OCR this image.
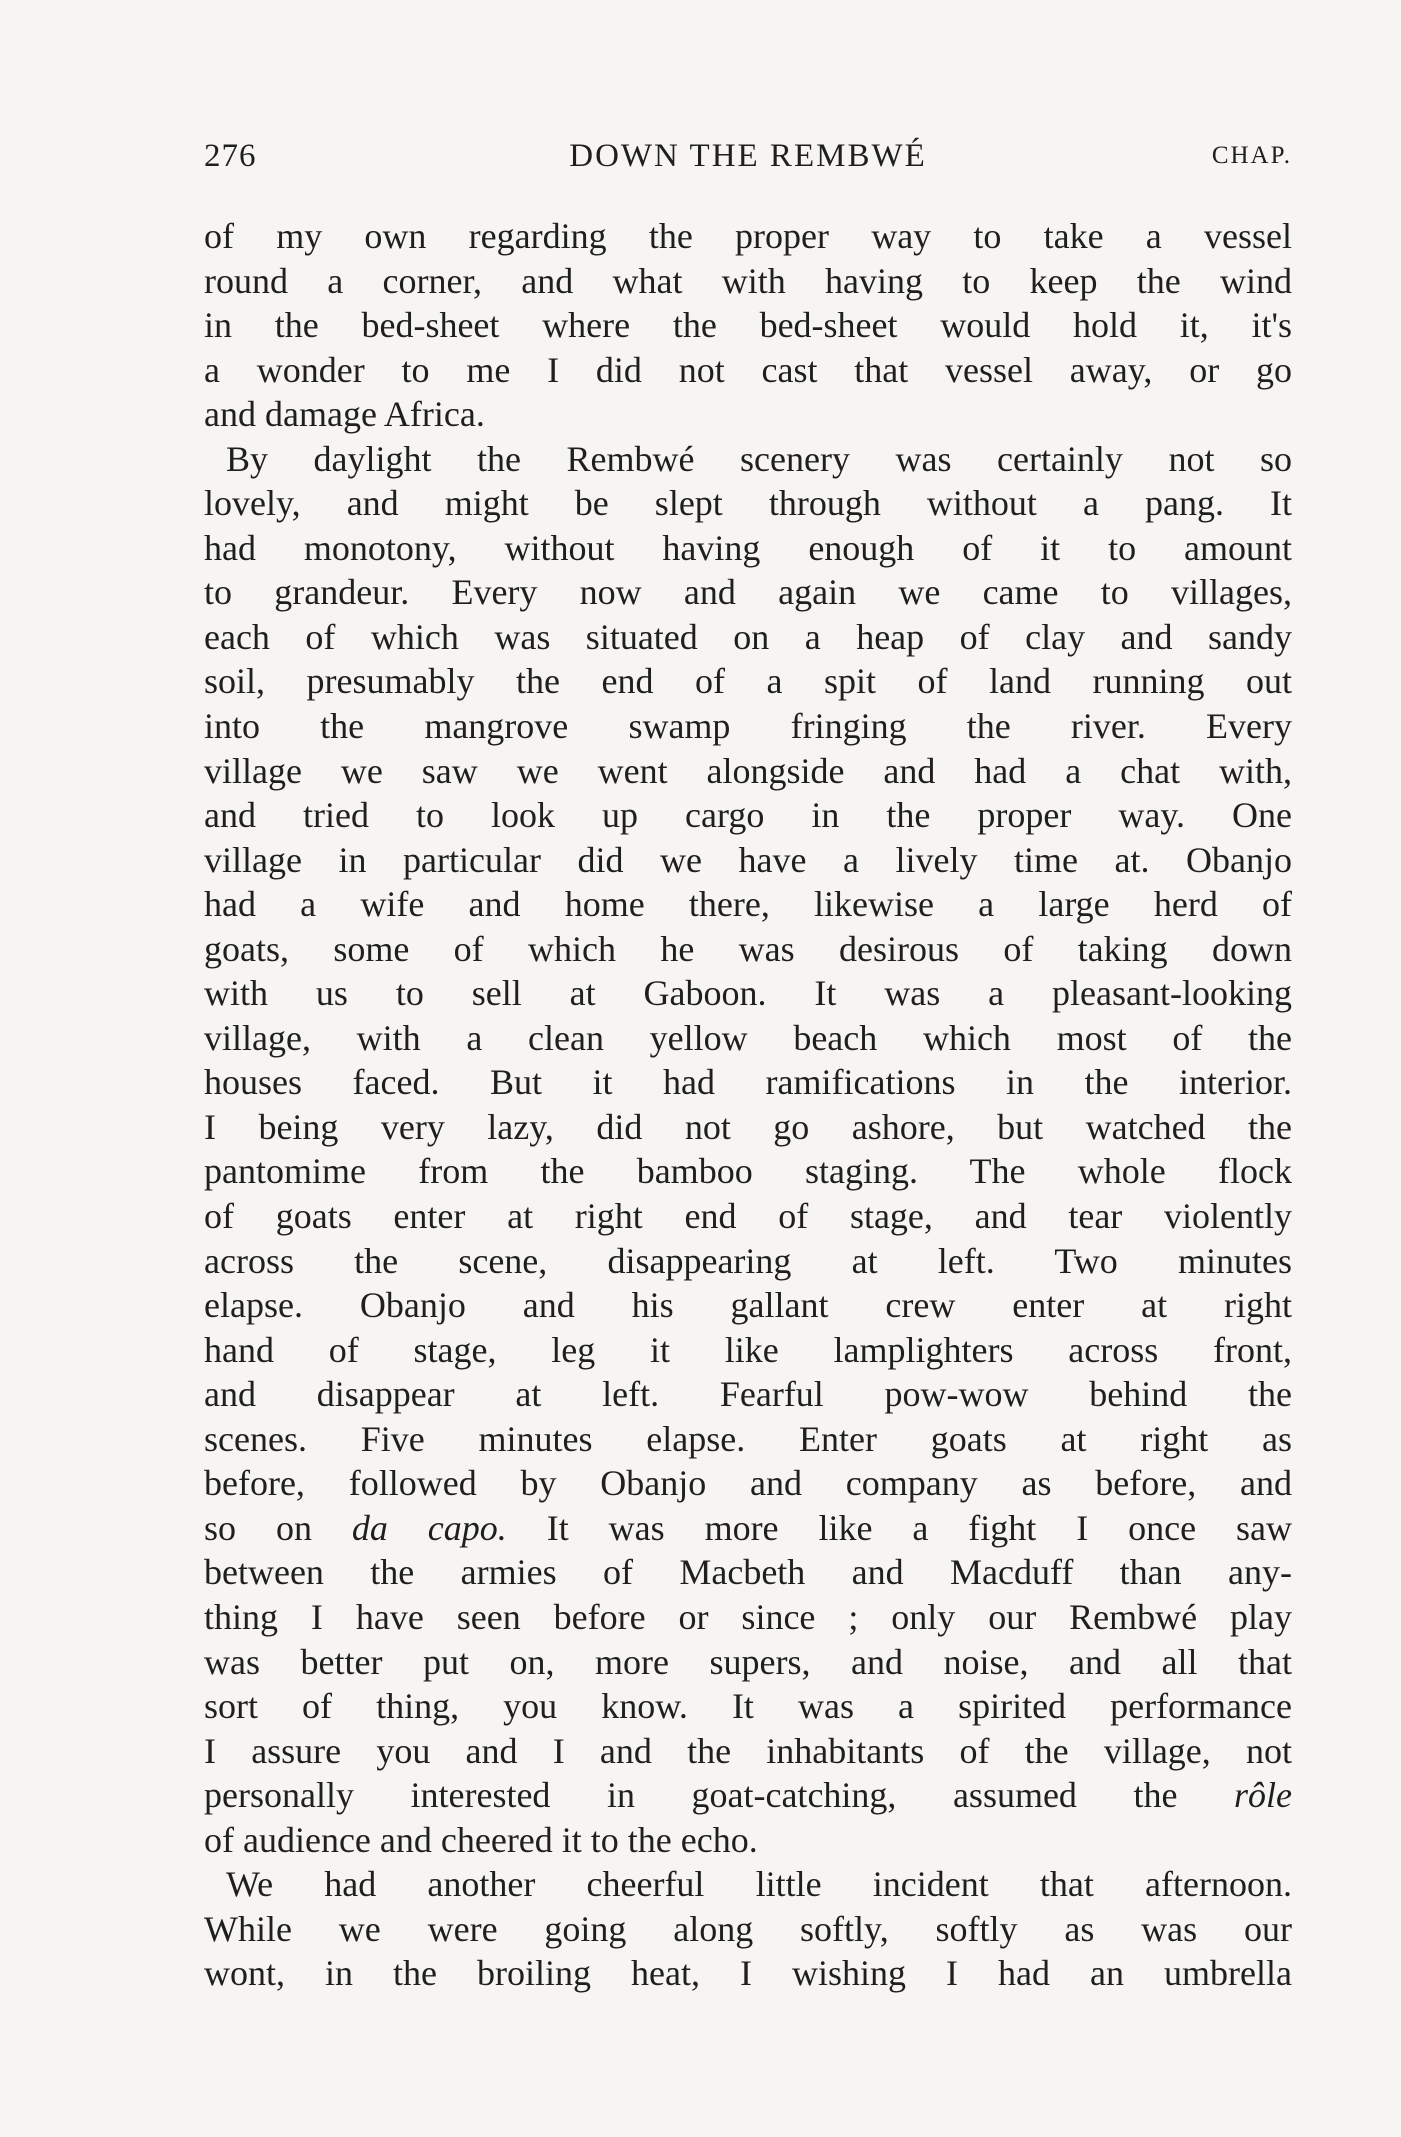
276	DOWN THE REMBWÉ	CHAP.
of my own regarding the proper way to take a vessel
round a corner, and what with having to keep the wind
in the bed-sheet where the bed-sheet would hold it, it's
a wonder to me I did not cast that vessel away, or go
and damage Africa.
By daylight the Rembwé scenery was certainly not so
lovely, and might be slept through without a pang. It
had monotony, without having enough of it to amount
to grandeur. Every now and again we came to villages,
each of which was situated on a heap of clay and sandy
soil, presumably the end of a spit of land running out
into the mangrove swamp fringing the river. Every
village we saw we went alongside and had a chat with,
and tried to look up cargo in the proper way. One
village in particular did we have a lively time at. Obanjo
had a wife and home there, likewise a large herd of
goats, some of which he was desirous of taking down
with us to sell at Gaboon. It was a pleasant-looking
village, with a clean yellow beach which most of the
houses faced. But it had ramifications in the interior.
I being very lazy, did not go ashore, but watched the
pantomime from the bamboo staging. The whole flock
of goats enter at right end of stage, and tear violently
across the scene, disappearing at left. Two minutes
elapse. Obanjo and his gallant crew enter at right
hand of stage, leg it like lamplighters across front,
and disappear at left. Fearful pow-wow behind the
scenes. Five minutes elapse. Enter goats at right as
before, followed by Obanjo and company as before, and
so on da capo. It was more like a fight I once saw
between the armies of Macbeth and Macduff than any-
thing I have seen before or since ; only our Rembwé play
was better put on, more supers, and noise, and all that
sort of thing, you know. It was a spirited performance
I assure you and I and the inhabitants of the village, not
personally interested in goat-catching, assumed the rôle
of audience and cheered it to the echo.
We had another cheerful little incident that afternoon.
While we were going along softly, softly as was our
wont, in the broiling heat, I wishing I had an umbrella
